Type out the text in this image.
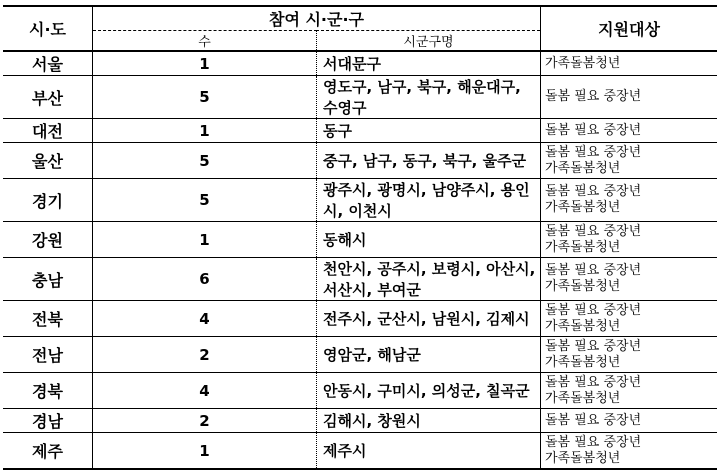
시·도	참여 시·군·구		지원대상
	수	시군구명	
서울	1	서대문구	가족돌봄청년

부산	5	영도구, 남구, 북구, 해운대구, 수영구	돌봄 필요 중장년

대전	1	동구	돌봄 필요 중장년

울산	5	중구, 남구, 동구, 북구, 울주군	돌봄 필요 중장년
가족돌봄청년

경기	5	광주시, 광명시, 남양주시, 용인시, 이천시	돌봄 필요 중장년
가족돌봄청년

강원	1	동해시	돌봄 필요 중장년
가족돌봄청년

충남	6	천안시, 공주시, 보령시, 아산시, 서산시, 부여군	돌봄 필요 중장년
가족돌봄청년

전북	4	전주시, 군산시, 남원시, 김제시	돌봄 필요 중장년
가족돌봄청년

전남	2	영암군, 해남군	돌봄 필요 중장년
가족돌봄청년

경북	4	안동시, 구미시, 의성군, 칠곡군	돌봄 필요 중장년
가족돌봄청년

경남	2	김해시, 창원시	돌봄 필요 중장년

제주	1	제주시	돌봄 필요 중장년
가족돌봄청년
